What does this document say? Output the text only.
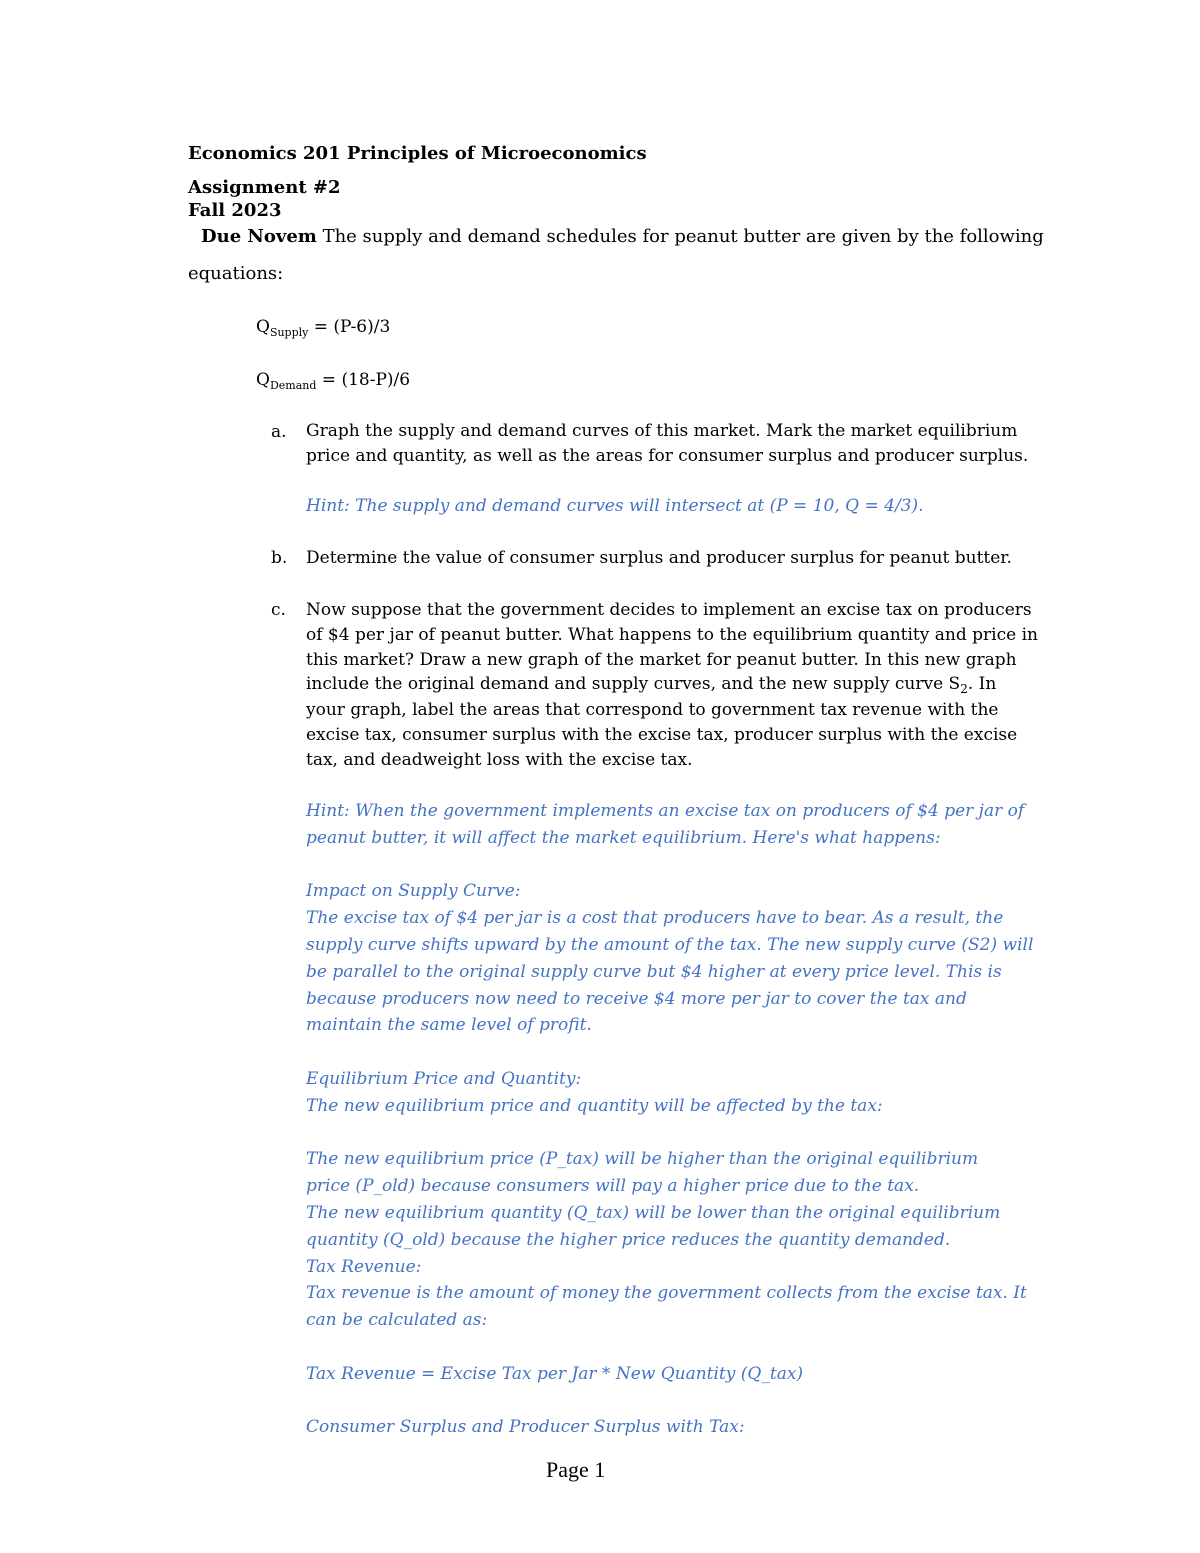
Economics 201 Principles of Microeconomics
Assignment #2
Fall 2023
Due Novem The supply and demand schedules for peanut butter are given by the following
equations:
$Q_{Supply} = (P-6)/3$
$Q_{Demand} = (18-P)/6$
a. Graph the supply and demand curves of this market. Mark the market equilibrium
price and quantity, as well as the areas for consumer surplus and producer surplus.
Hint: The supply and demand curves will intersect at (P = 10, Q = 4/3).
b. Determine the value of consumer surplus and producer surplus for peanut butter.
c. Now suppose that the government decides to implement an excise tax on producers
of $4 per jar of peanut butter. What happens to the equilibrium quantity and price in
this market? Draw a new graph of the market for peanut butter. In this new graph
include the original demand and supply curves, and the new supply curve $S_2$. In
your graph, label the areas that correspond to government tax revenue with the
excise tax, consumer surplus with the excise tax, producer surplus with the excise
tax, and deadweight loss with the excise tax.
Hint: When the government implements an excise tax on producers of $4 per jar of
peanut butter, it will affect the market equilibrium. Here's what happens:
Impact on Supply Curve:
The excise tax of $4 per jar is a cost that producers have to bear. As a result, the
supply curve shifts upward by the amount of the tax. The new supply curve (S2) will
be parallel to the original supply curve but $4 higher at every price level. This is
because producers now need to receive $4 more per jar to cover the tax and
maintain the same level of profit.
Equilibrium Price and Quantity:
The new equilibrium price and quantity will be affected by the tax:
The new equilibrium price (P_tax) will be higher than the original equilibrium
price (P_old) because consumers will pay a higher price due to the tax.
The new equilibrium quantity (Q_tax) will be lower than the original equilibrium
quantity (Q_old) because the higher price reduces the quantity demanded.
Tax Revenue:
Tax revenue is the amount of money the government collects from the excise tax. It
can be calculated as:
Tax Revenue = Excise Tax per Jar * New Quantity (Q_tax)
Consumer Surplus and Producer Surplus with Tax:
Page 1
